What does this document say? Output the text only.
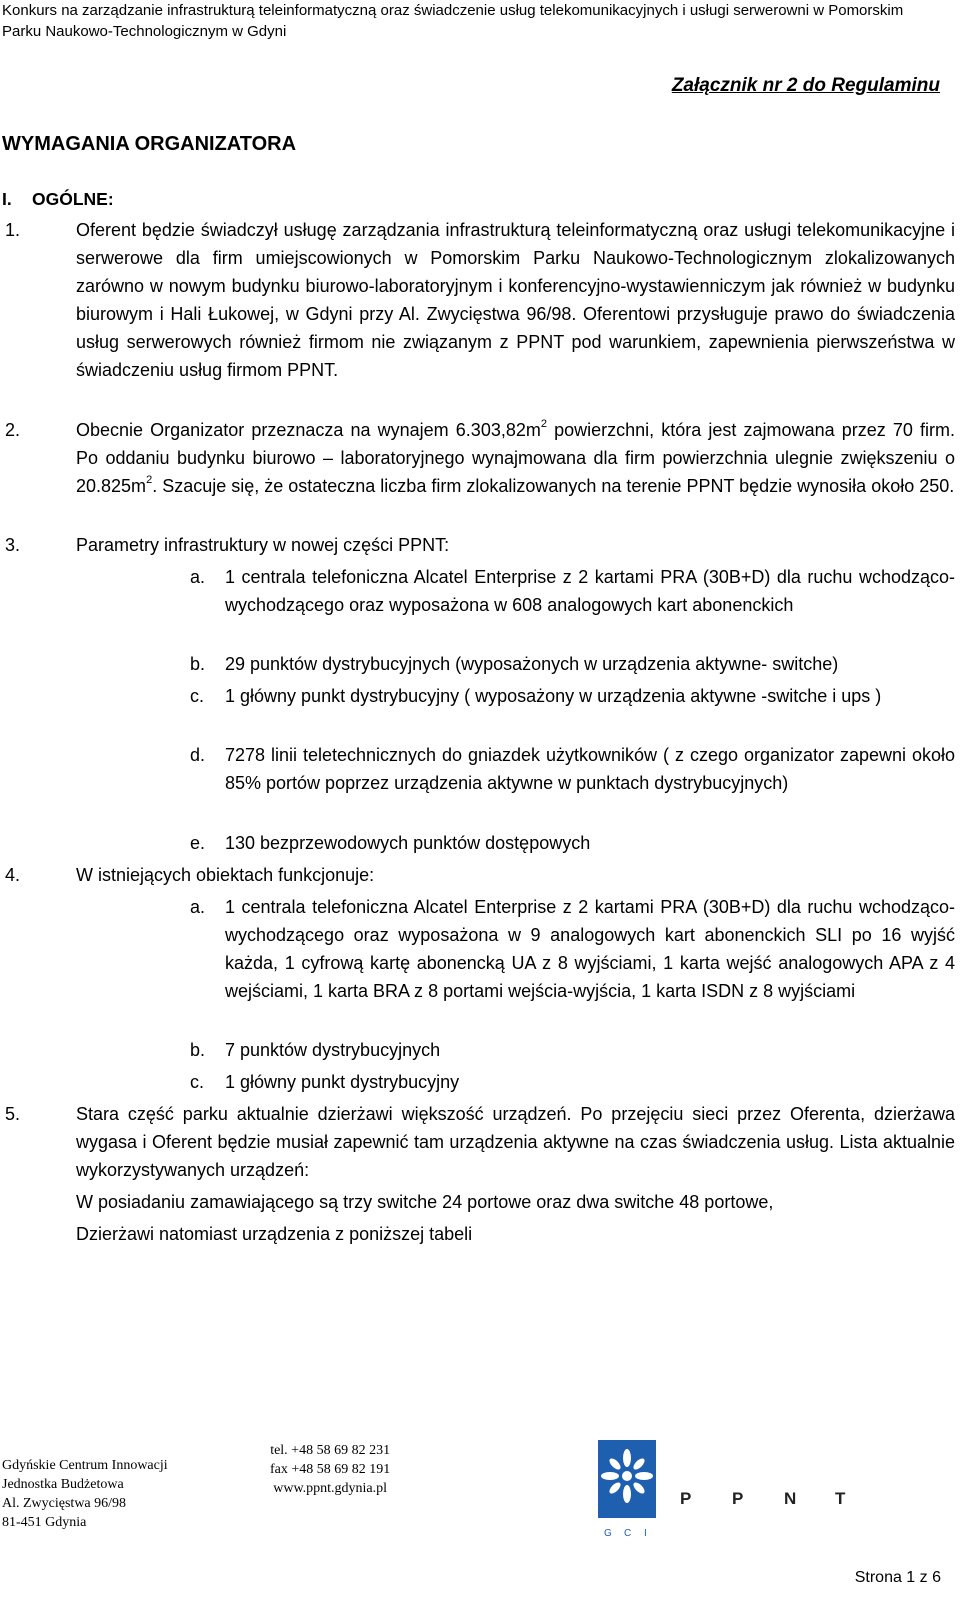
Konkurs na zarządzanie infrastrukturą teleinformatyczną oraz świadczenie usług telekomunikacyjnych i usługi serwerowni w Pomorskim
Parku Naukowo-Technologicznym w Gdyni
Załącznik nr 2 do Regulaminu
WYMAGANIA ORGANIZATORA
I. OGÓLNE:
1.	Oferent będzie świadczył usługę zarządzania infrastrukturą teleinformatyczną oraz usługi telekomunikacyjne i serwerowe dla firm umiejscowionych w Pomorskim Parku Naukowo-Technologicznym zlokalizowanych zarówno w nowym budynku biurowo-laboratoryjnym i konferencyjno-wystawienniczym jak również w budynku biurowym i Hali Łukowej, w Gdyni przy Al. Zwycięstwa 96/98. Oferentowi przysługuje prawo do świadczenia usług serwerowych również firmom nie związanym z PPNT pod warunkiem, zapewnienia pierwszeństwa w świadczeniu usług firmom PPNT.
2.	Obecnie Organizator przeznacza na wynajem $6.303,82m^2$ powierzchni, która jest zajmowana przez 70 firm. Po oddaniu budynku biurowo – laboratoryjnego wynajmowana dla firm powierzchnia ulegnie zwiększeniu o $20.825m^2$. Szacuje się, że ostateczna liczba firm zlokalizowanych na terenie PPNT będzie wynosiła około 250.
3.	Parametry infrastruktury w nowej części PPNT:
a. 1 centrala telefoniczna Alcatel Enterprise z 2 kartami PRA (30B+D) dla ruchu wchodząco-wychodzącego oraz wyposażona w 608 analogowych kart abonenckich
b. 29 punktów dystrybucyjnych (wyposażonych w urządzenia aktywne- switche)
c. 1 główny punkt dystrybucyjny ( wyposażony w urządzenia aktywne -switche i ups )
d. 7278 linii teletechnicznych do gniazdek użytkowników ( z czego organizator zapewni około 85% portów poprzez urządzenia aktywne w punktach dystrybucyjnych)
e. 130 bezprzewodowych punktów dostępowych
4.	W istniejących obiektach funkcjonuje:
a. 1 centrala telefoniczna Alcatel Enterprise z 2 kartami PRA (30B+D) dla ruchu wchodząco-wychodzącego oraz wyposażona w 9 analogowych kart abonenckich SLI po 16 wyjść każda, 1 cyfrową kartę abonencką UA z 8 wyjściami, 1 karta wejść analogowych APA z 4 wejściami, 1 karta BRA z 8 portami wejścia-wyjścia, 1 karta ISDN z 8 wyjściami
b. 7 punktów dystrybucyjnych
c. 1 główny punkt dystrybucyjny
5.	Stara część parku aktualnie dzierżawi większość urządzeń. Po przejęciu sieci przez Oferenta, dzierżawa wygasa i Oferent będzie musiał zapewnić tam urządzenia aktywne na czas świadczenia usług. Lista aktualnie wykorzystywanych urządzeń:
W posiadaniu zamawiającego są trzy switche 24 portowe oraz dwa switche 48 portowe,
Dzierżawi natomiast urządzenia z poniższej tabeli
Gdyńskie Centrum Innowacji
Jednostka Budżetowa
Al. Zwycięstwa 96/98
81-451 Gdynia
tel. +48 58 69 82 231
fax +48 58 69 82 191
www.ppnt.gdynia.pl
G C I
P P N T
Strona 1 z 6
